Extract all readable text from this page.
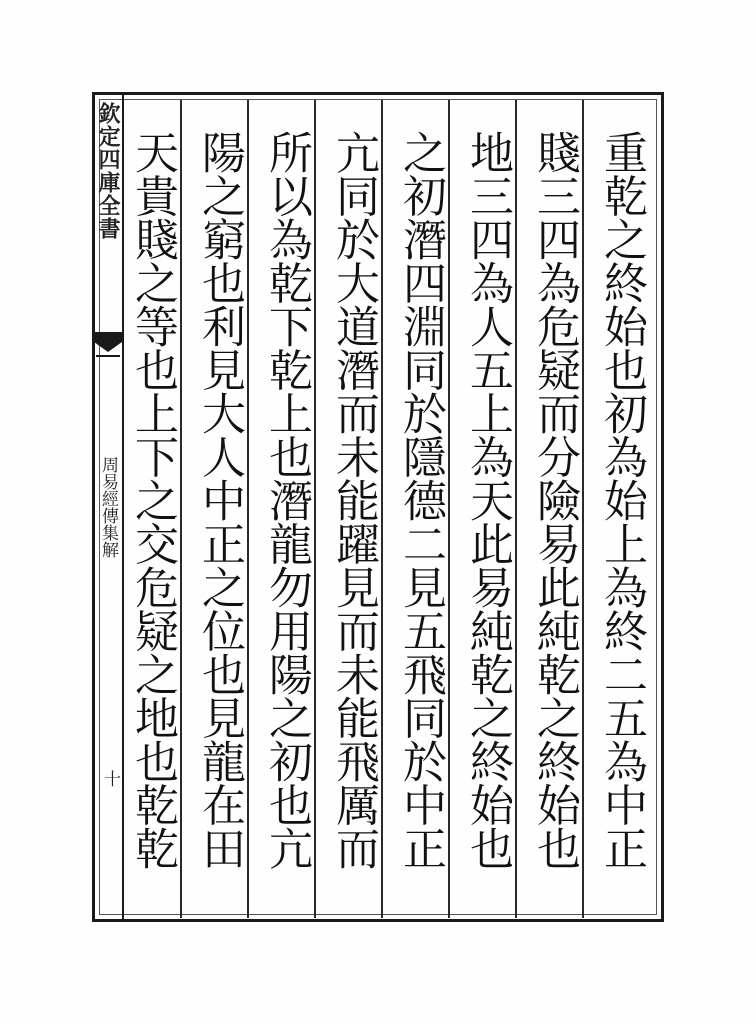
欽定四庫全書
周易經傳集解
十
重乾之終始也初為始上為終二五為中正
賤三四為危疑而分險易此純乾之終始也
地三四為人五上為天此易純乾之終始也
之初潛四淵同於隱德二見五飛同於中正
亢同於大道潛而未能躍見而未能飛厲而
所以為乾下乾上也潛龍勿用陽之初也亢
陽之窮也利見大人中正之位也見龍在田
天貴賤之等也上下之交危疑之地也乾乾
